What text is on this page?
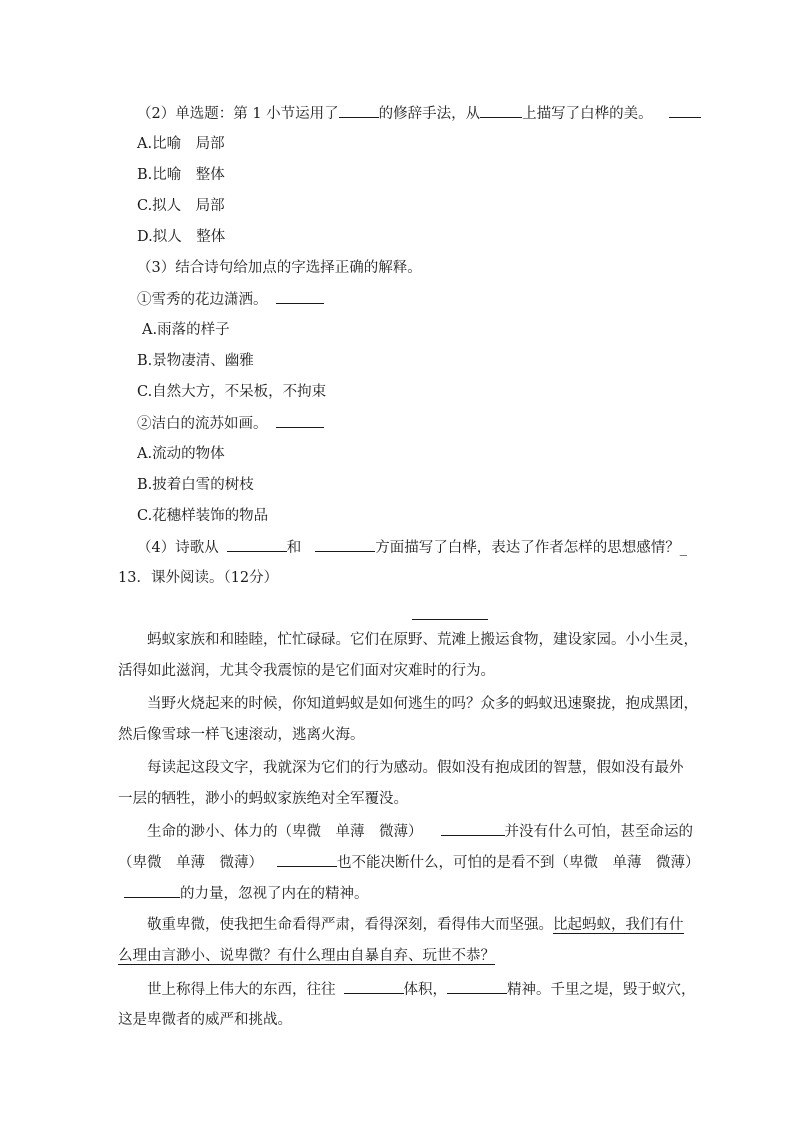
（2）单选题：第 1 小节运用了	的修辞手法，从	上描写了白桦的美。
A.比喻　局部
B.比喻　整体
C.拟人　局部
D.拟人　整体
（3）结合诗句给加点的字选择正确的解释。
①雪秀的花边潇洒。
A.雨落的样子
B.景物凄清、幽雅
C.自然大方，不呆板，不拘束
②洁白的流苏如画。
A.流动的物体
B.披着白雪的树枝
C.花穗样装饰的物品
（4）诗歌从	和	方面描写了白桦，表达了作者怎样的思想感情？_
13．课外阅读。（12分）
蚂蚁家族和和睦睦，忙忙碌碌。它们在原野、荒滩上搬运食物，建设家园。小小生灵，
活得如此滋润，尤其令我震惊的是它们面对灾难时的行为。
当野火烧起来的时候，你知道蚂蚁是如何逃生的吗？众多的蚂蚁迅速聚拢，抱成黑团，
然后像雪球一样飞速滚动，逃离火海。
每读起这段文字，我就深为它们的行为感动。假如没有抱成团的智慧，假如没有最外
一层的牺牲，渺小的蚂蚁家族绝对全军覆没。
生命的渺小、体力的（卑微　单薄　微薄）	并没有什么可怕，甚至命运的
（卑微　单薄　微薄）	也不能决断什么，可怕的是看不到（卑微　单薄　微薄）
的力量，忽视了内在的精神。
敬重卑微，使我把生命看得严肃，看得深刻，看得伟大而坚强。比起蚂蚁，我们有什
么理由言渺小、说卑微？有什么理由自暴自弃、玩世不恭？
世上称得上伟大的东西，往往	体积，	精神。千里之堤，毁于蚁穴，
这是卑微者的威严和挑战。
